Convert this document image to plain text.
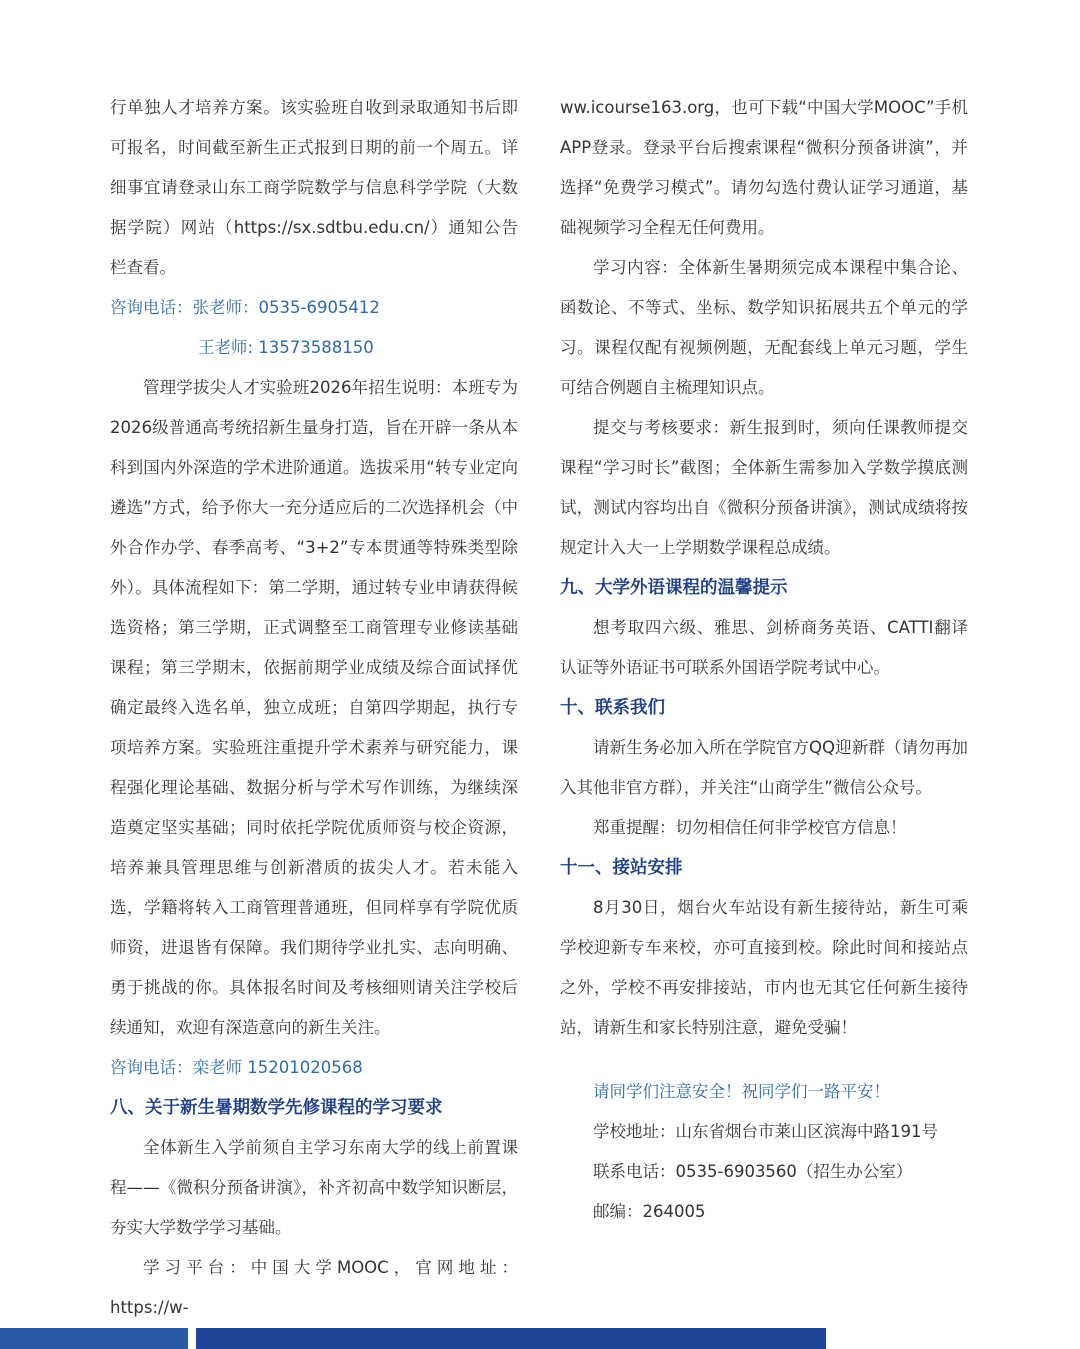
行单独人才培养方案。该实验班自收到录取通知书后即可报名，时间截至新生正式报到日期的前一个周五。详细事宜请登录山东工商学院数学与信息科学学院（大数据学院）网站（https://sx.sdtbu.edu.cn/）通知公告栏查看。

咨询电话：张老师：0535-6905412

王老师: 13573588150

管理学拔尖人才实验班2026年招生说明：本班专为2026级普通高考统招新生量身打造，旨在开辟一条从本科到国内外深造的学术进阶通道。选拔采用“转专业定向遴选”方式，给予你大一充分适应后的二次选择机会（中外合作办学、春季高考、“3+2”专本贯通等特殊类型除外）。具体流程如下：第二学期，通过转专业申请获得候选资格；第三学期，正式调整至工商管理专业修读基础课程；第三学期末，依据前期学业成绩及综合面试择优确定最终入选名单，独立成班；自第四学期起，执行专项培养方案。实验班注重提升学术素养与研究能力，课程强化理论基础、数据分析与学术写作训练，为继续深造奠定坚实基础；同时依托学院优质师资与校企资源，培养兼具管理思维与创新潜质的拔尖人才。若未能入选，学籍将转入工商管理普通班，但同样享有学院优质师资，进退皆有保障。我们期待学业扎实、志向明确、勇于挑战的你。具体报名时间及考核细则请关注学校后续通知，欢迎有深造意向的新生关注。

咨询电话：栾老师 15201020568

八、关于新生暑期数学先修课程的学习要求

全体新生入学前须自主学习东南大学的线上前置课程——《微积分预备讲演》，补齐初高中数学知识断层，夯实大学数学学习基础。

学习平台：中国大学MOOC，官网地址：https://w-

ww.icourse163.org，也可下载“中国大学MOOC”手机APP登录。登录平台后搜索课程“微积分预备讲演”，并选择“免费学习模式”。请勿勾选付费认证学习通道，基础视频学习全程无任何费用。

学习内容：全体新生暑期须完成本课程中集合论、函数论、不等式、坐标、数学知识拓展共五个单元的学习。课程仅配有视频例题，无配套线上单元习题，学生可结合例题自主梳理知识点。

提交与考核要求：新生报到时，须向任课教师提交课程“学习时长”截图；全体新生需参加入学数学摸底测试，测试内容均出自《微积分预备讲演》，测试成绩将按规定计入大一上学期数学课程总成绩。

九、大学外语课程的温馨提示

想考取四六级、雅思、剑桥商务英语、CATTI翻译认证等外语证书可联系外国语学院考试中心。

十、联系我们

请新生务必加入所在学院官方QQ迎新群（请勿再加入其他非官方群），并关注“山商学生”微信公众号。

郑重提醒：切勿相信任何非学校官方信息！

十一、接站安排

8月30日，烟台火车站设有新生接待站，新生可乘学校迎新专车来校，亦可直接到校。除此时间和接站点之外，学校不再安排接站，市内也无其它任何新生接待站，请新生和家长特别注意，避免受骗！

请同学们注意安全！祝同学们一路平安！

学校地址：山东省烟台市莱山区滨海中路191号

联系电话：0535-6903560（招生办公室）

邮编：264005
